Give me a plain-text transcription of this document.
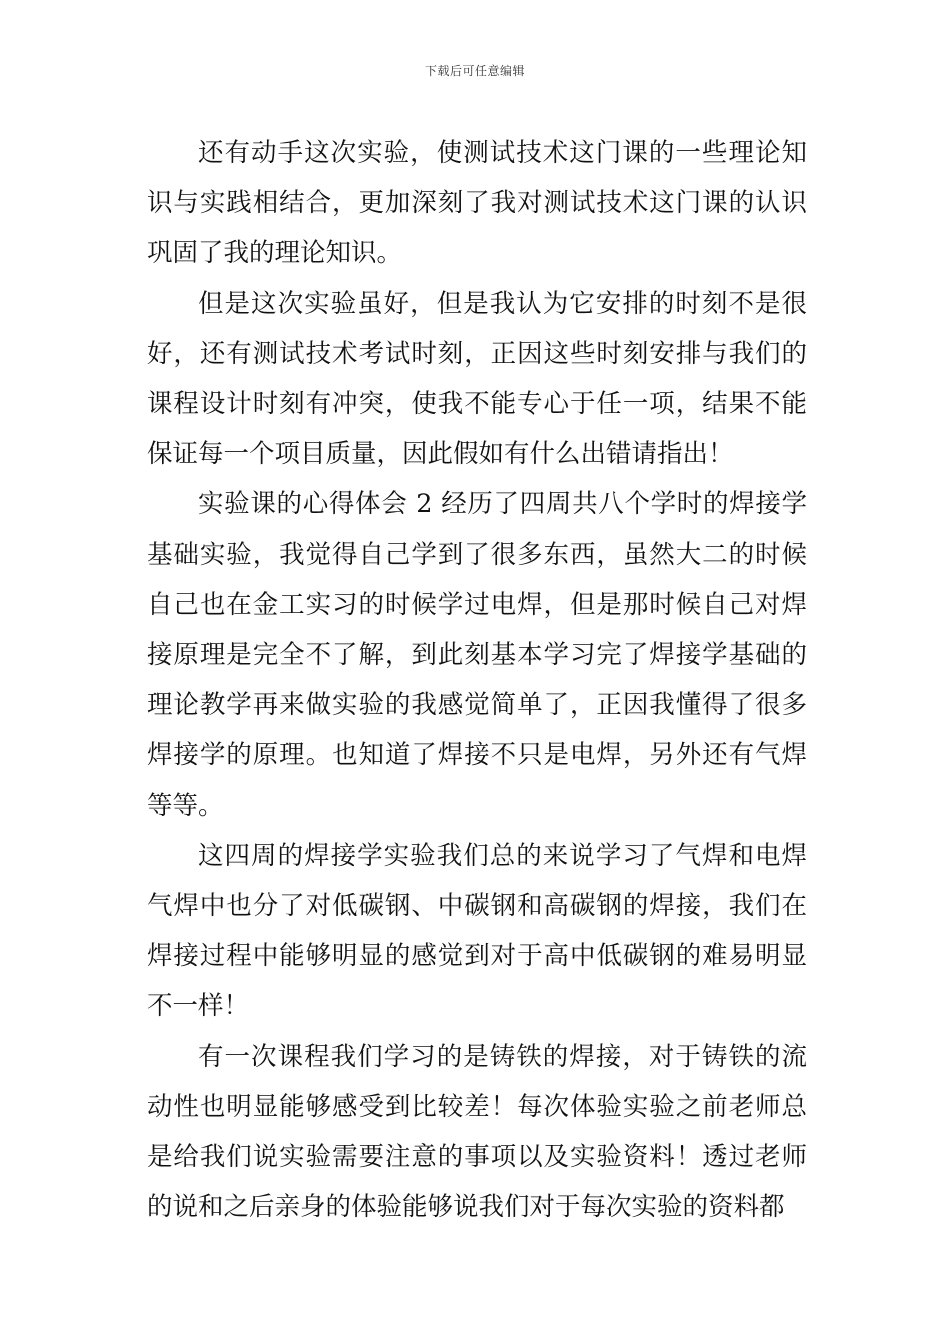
下载后可任意编辑

还有动手这次实验，使测试技术这门课的一些理论知识与实践相结合，更加深刻了我对测试技术这门课的认识巩固了我的理论知识。

但是这次实验虽好，但是我认为它安排的时刻不是很好，还有测试技术考试时刻，正因这些时刻安排与我们的课程设计时刻有冲突，使我不能专心于任一项，结果不能保证每一个项目质量，因此假如有什么出错请指出！

实验课的心得体会 2 经历了四周共八个学时的焊接学基础实验，我觉得自己学到了很多东西，虽然大二的时候自己也在金工实习的时候学过电焊，但是那时候自己对焊接原理是完全不了解，到此刻基本学习完了焊接学基础的理论教学再来做实验的我感觉简单了，正因我懂得了很多焊接学的原理。也知道了焊接不只是电焊，另外还有气焊等等。

这四周的焊接学实验我们总的来说学习了气焊和电焊气焊中也分了对低碳钢、中碳钢和高碳钢的焊接，我们在焊接过程中能够明显的感觉到对于高中低碳钢的难易明显不一样！

有一次课程我们学习的是铸铁的焊接，对于铸铁的流动性也明显能够感受到比较差！每次体验实验之前老师总是给我们说实验需要注意的事项以及实验资料！透过老师的说和之后亲身的体验能够说我们对于每次实验的资料都
